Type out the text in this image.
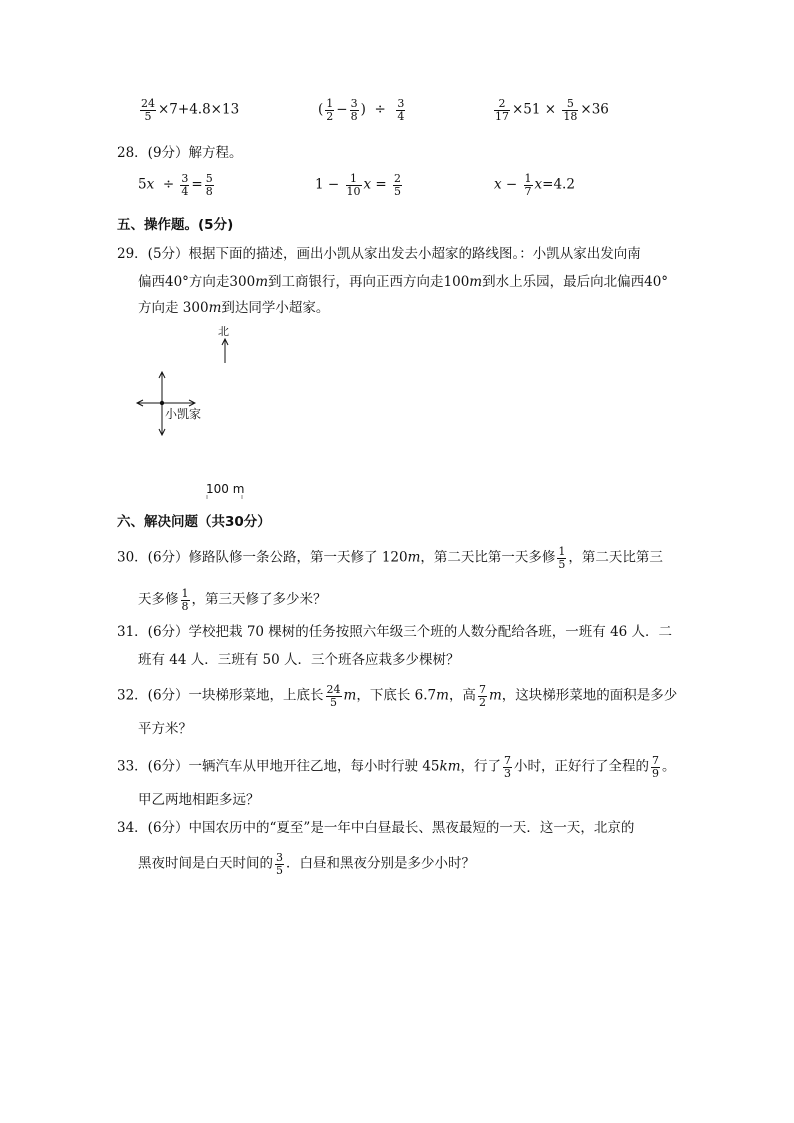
$\frac{24}{5} \times 7+4.8\times 13$	( $\frac{1}{2} - \frac{3}{8}$ ) ÷ $\frac{3}{4}$	$\frac{2}{17} \times 51 \times \frac{5}{18} \times 36$
28．(9分）解方程。
$5x \div \frac{3}{4} = \frac{5}{8}$	$1 - \frac{1}{10}$ $x = \frac{2}{5}$	$x - \frac{1}{7} x=4.2$
五、操作题。(5分)
29．(5分）根据下面的描述，画出小凯从家出发去小超家的路线图。：小凯从家出发向南
偏西40°方向走300m到工商银行，再向正西方向走100m到水上乐园，最后向北偏西40°
方向走 300m到达同学小超家。
北
小凯家
100 m
六、解决问题（共30分）
30．(6分）修路队修一条公路，第一天修了 120m，第二天比第一天多修 $\frac{1}{5}$ ，第二天比第三
天多修 $\frac{1}{8}$ ，第三天修了多少米？
31．(6分）学校把栽 70 棵树的任务按照六年级三个班的人数分配给各班，一班有 46 人．二
班有 44 人．三班有 50 人．三个班各应栽多少棵树？
32．(6分）一块梯形菜地，上底长 $\frac{24}{5}$ m，下底长 6.7m，高 $\frac{7}{2}$ m，这块梯形菜地的面积是多少
平方米？
33．(6分）一辆汽车从甲地开往乙地，每小时行驶 45km，行了 $\frac{7}{3}$ 小时，正好行了全程的 $\frac{7}{9}$ 。
甲乙两地相距多远？
34．(6分）中国农历中的“夏至”是一年中白昼最长、黑夜最短的一天．这一天，北京的
黑夜时间是白天时间的 $\frac{3}{5}$ ．白昼和黑夜分别是多少小时？
